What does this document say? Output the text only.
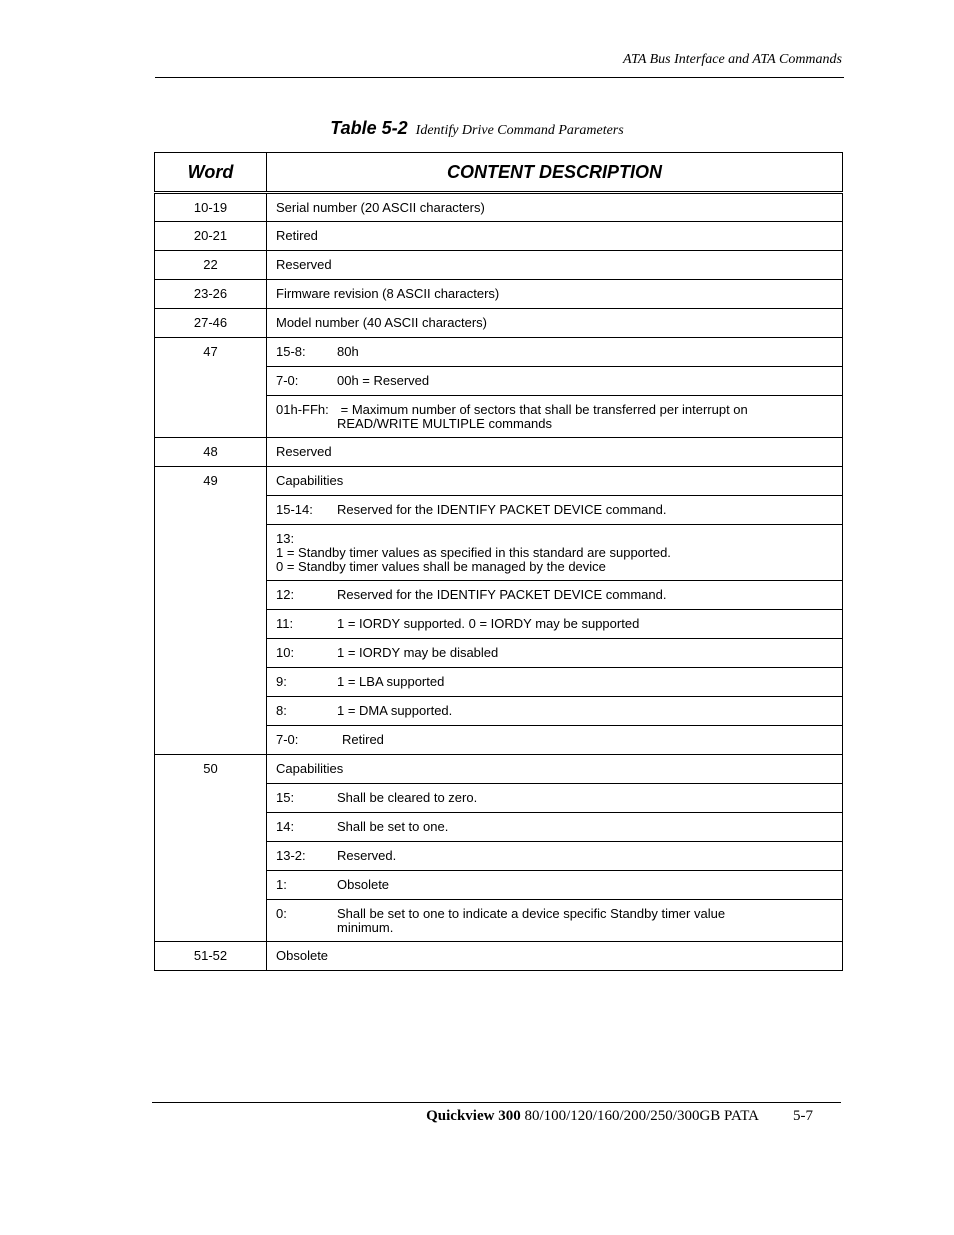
ATA Bus Interface and ATA Commands
Table 5-2 Identify Drive Command Parameters
Word	CONTENT DESCRIPTION
10-19	Serial number (20 ASCII characters)
20-21	Retired
22	Reserved
23-26	Firmware revision (8 ASCII characters)
27-46	Model number (40 ASCII characters)
47	15-8: 80h
	7-0: 00h = Reserved
	01h-FFh: = Maximum number of sectors that shall be transferred per interrupt on
READ/WRITE MULTIPLE commands

48	Reserved
49	Capabilities
	15-14: Reserved for the IDENTIFY PACKET DEVICE command.

	13:
1 = Standby timer values as specified in this standard are supported.
0 = Standby timer values shall be managed by the device

	12: Reserved for the IDENTIFY PACKET DEVICE command.
	11: 1 = IORDY supported. 0 = IORDY may be supported
	10: 1 = IORDY may be disabled
	9: 1 = LBA supported
	8: 1 = DMA supported.
	7-0: Retired
50	Capabilities
	15: Shall be cleared to zero.
	14: Shall be set to one.
	13-2: Reserved.
	1: Obsolete
	0: Shall be set to one to indicate a device specific Standby timer value
minimum.

51-52	Obsolete
Quickview 300 80/100/120/160/200/250/300GB PATA 5-7
